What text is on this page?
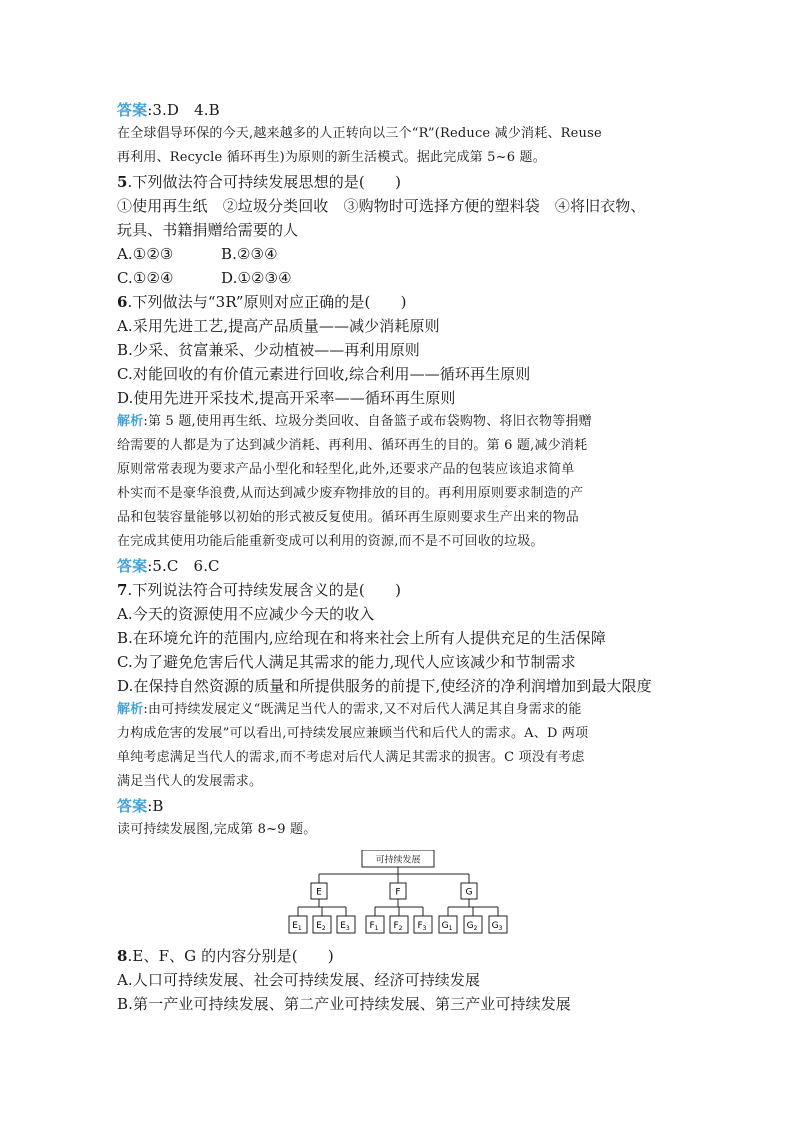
答案:3.D　4.B
在全球倡导环保的今天,越来越多的人正转向以三个“R”(Reduce 减少消耗、Reuse
再利用、Recycle 循环再生)为原则的新生活模式。据此完成第 5~6 题。
5.下列做法符合可持续发展思想的是(　　)
①使用再生纸　②垃圾分类回收　③购物时可选择方便的塑料袋　④将旧衣物、
玩具、书籍捐赠给需要的人
A.①②③	B.②③④
C.①②④	D.①②③④
6.下列做法与“3R”原则对应正确的是(　　)
A.采用先进工艺,提高产品质量——减少消耗原则
B.少采、贫富兼采、少动植被——再利用原则
C.对能回收的有价值元素进行回收,综合利用——循环再生原则
D.使用先进开采技术,提高开采率——循环再生原则
解析:第 5 题,使用再生纸、垃圾分类回收、自备篮子或布袋购物、将旧衣物等捐赠
给需要的人都是为了达到减少消耗、再利用、循环再生的目的。第 6 题,减少消耗
原则常常表现为要求产品小型化和轻型化,此外,还要求产品的包装应该追求简单
朴实而不是豪华浪费,从而达到减少废弃物排放的目的。再利用原则要求制造的产
品和包装容量能够以初始的形式被反复使用。循环再生原则要求生产出来的物品
在完成其使用功能后能重新变成可以利用的资源,而不是不可回收的垃圾。
答案:5.C　6.C
7.下列说法符合可持续发展含义的是(　　)
A.今天的资源使用不应减少今天的收入
B.在环境允许的范围内,应给现在和将来社会上所有人提供充足的生活保障
C.为了避免危害后代人满足其需求的能力,现代人应该减少和节制需求
D.在保持自然资源的质量和所提供服务的前提下,使经济的净利润增加到最大限度
解析:由可持续发展定义“既满足当代人的需求,又不对后代人满足其自身需求的能
力构成危害的发展”可以看出,可持续发展应兼顾当代和后代人的需求。A、D 两项
单纯考虑满足当代人的需求,而不考虑对后代人满足其需求的损害。C 项没有考虑
满足当代人的发展需求。
答案:B
读可持续发展图,完成第 8~9 题。
可持续发展
E	F	G
$E_1$ $E_2$ $E_3$ $F_1$ $F_2$ $F_3$ $G_1$ $G_2$ $G_3$
8.E、F、G 的内容分别是(　　)
A.人口可持续发展、社会可持续发展、经济可持续发展
B.第一产业可持续发展、第二产业可持续发展、第三产业可持续发展
